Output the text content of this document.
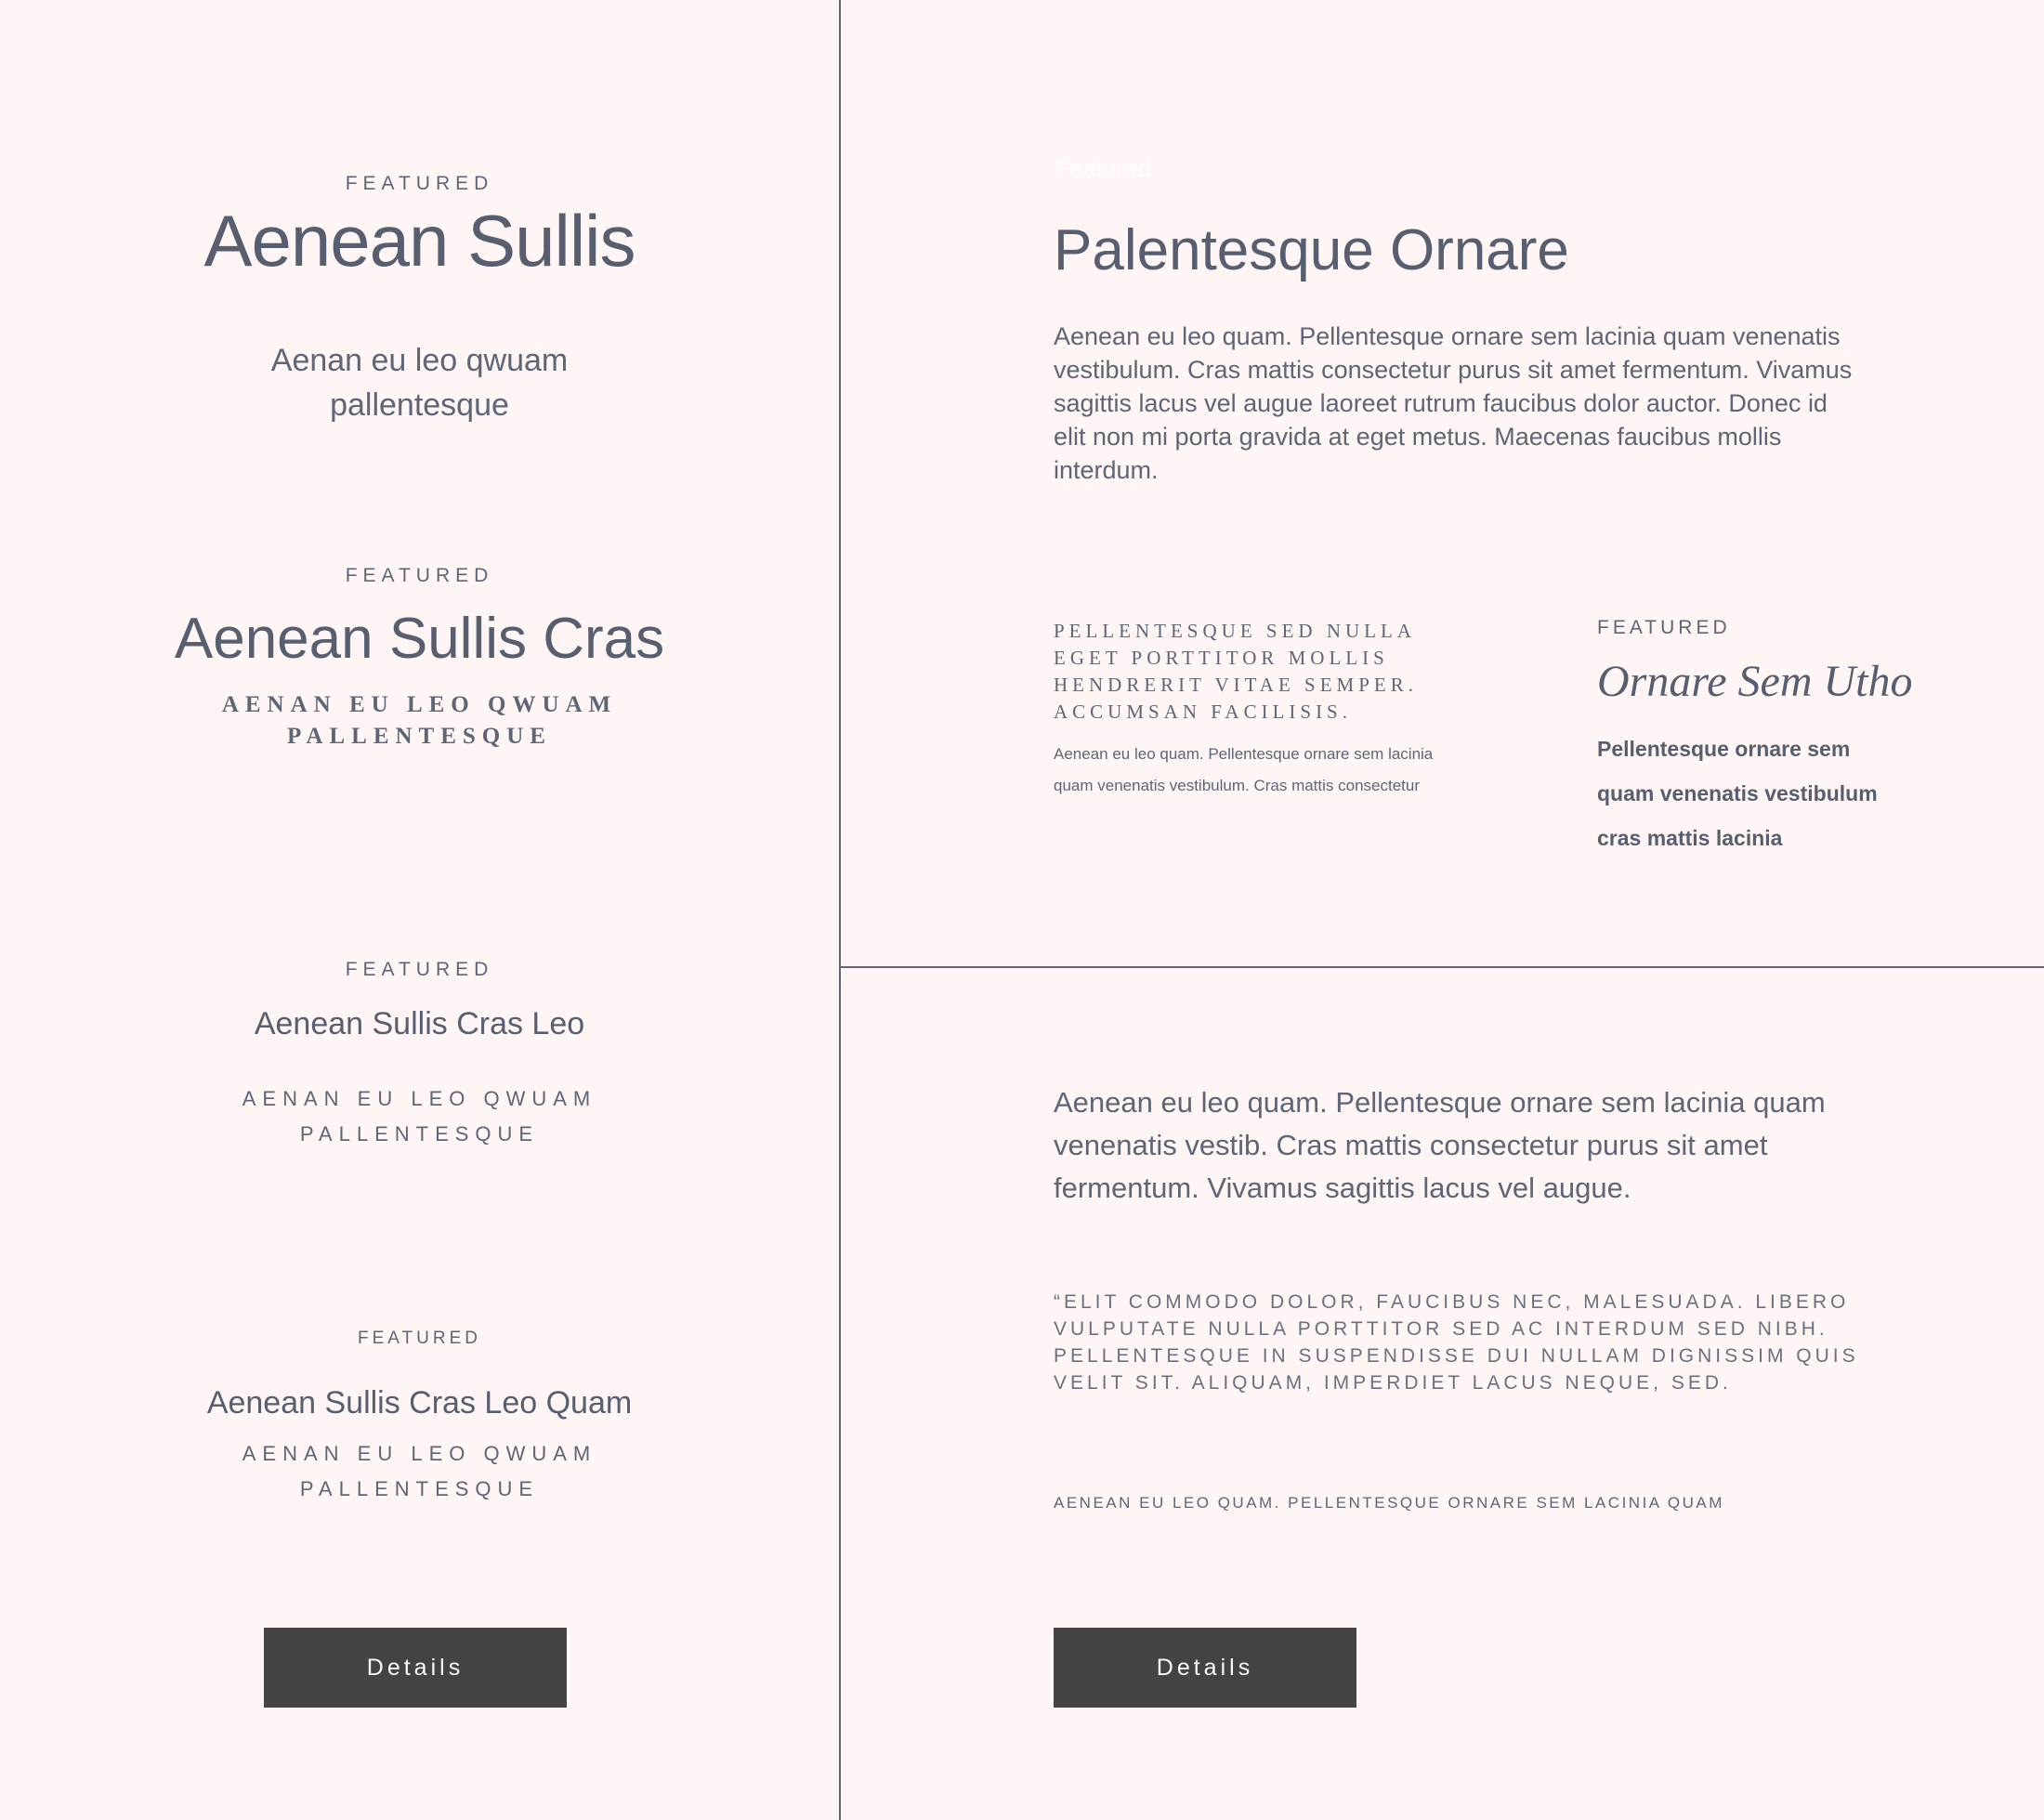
FEATURED
Aenean Sullis
Aenan eu leo qwuam
pallentesque
FEATURED
Aenean Sullis Cras
AENAN EU LEO QWUAM
PALLENTESQUE
FEATURED
Aenean Sullis Cras Leo
AENAN EU LEO QWUAM
PALLENTESQUE
FEATURED
Aenean Sullis Cras Leo Quam
AENAN EU LEO QWUAM
PALLENTESQUE
Details
Featured
Palentesque Ornare
Aenean eu leo quam. Pellentesque ornare sem lacinia quam venenatis
vestibulum. Cras mattis consectetur purus sit amet fermentum. Vivamus
sagittis lacus vel augue laoreet rutrum faucibus dolor auctor. Donec id
elit non mi porta gravida at eget metus. Maecenas faucibus mollis
interdum.
PELLENTESQUE SED NULLA
EGET PORTTITOR MOLLIS
HENDRERIT VITAE SEMPER.
ACCUMSAN FACILISIS.
Aenean eu leo quam. Pellentesque ornare sem lacinia
quam venenatis vestibulum. Cras mattis consectetur
FEATURED
Ornare Sem Utho
Pellentesque ornare sem
quam venenatis vestibulum
cras mattis lacinia
Aenean eu leo quam. Pellentesque ornare sem lacinia quam
venenatis vestib. Cras mattis consectetur purus sit amet
fermentum. Vivamus sagittis lacus vel augue.
“ELIT COMMODO DOLOR, FAUCIBUS NEC, MALESUADA. LIBERO
VULPUTATE NULLA PORTTITOR SED AC INTERDUM SED NIBH.
PELLENTESQUE IN SUSPENDISSE DUI NULLAM DIGNISSIM QUIS
VELIT SIT. ALIQUAM, IMPERDIET LACUS NEQUE, SED.
AENEAN EU LEO QUAM. PELLENTESQUE ORNARE SEM LACINIA QUAM
Details
